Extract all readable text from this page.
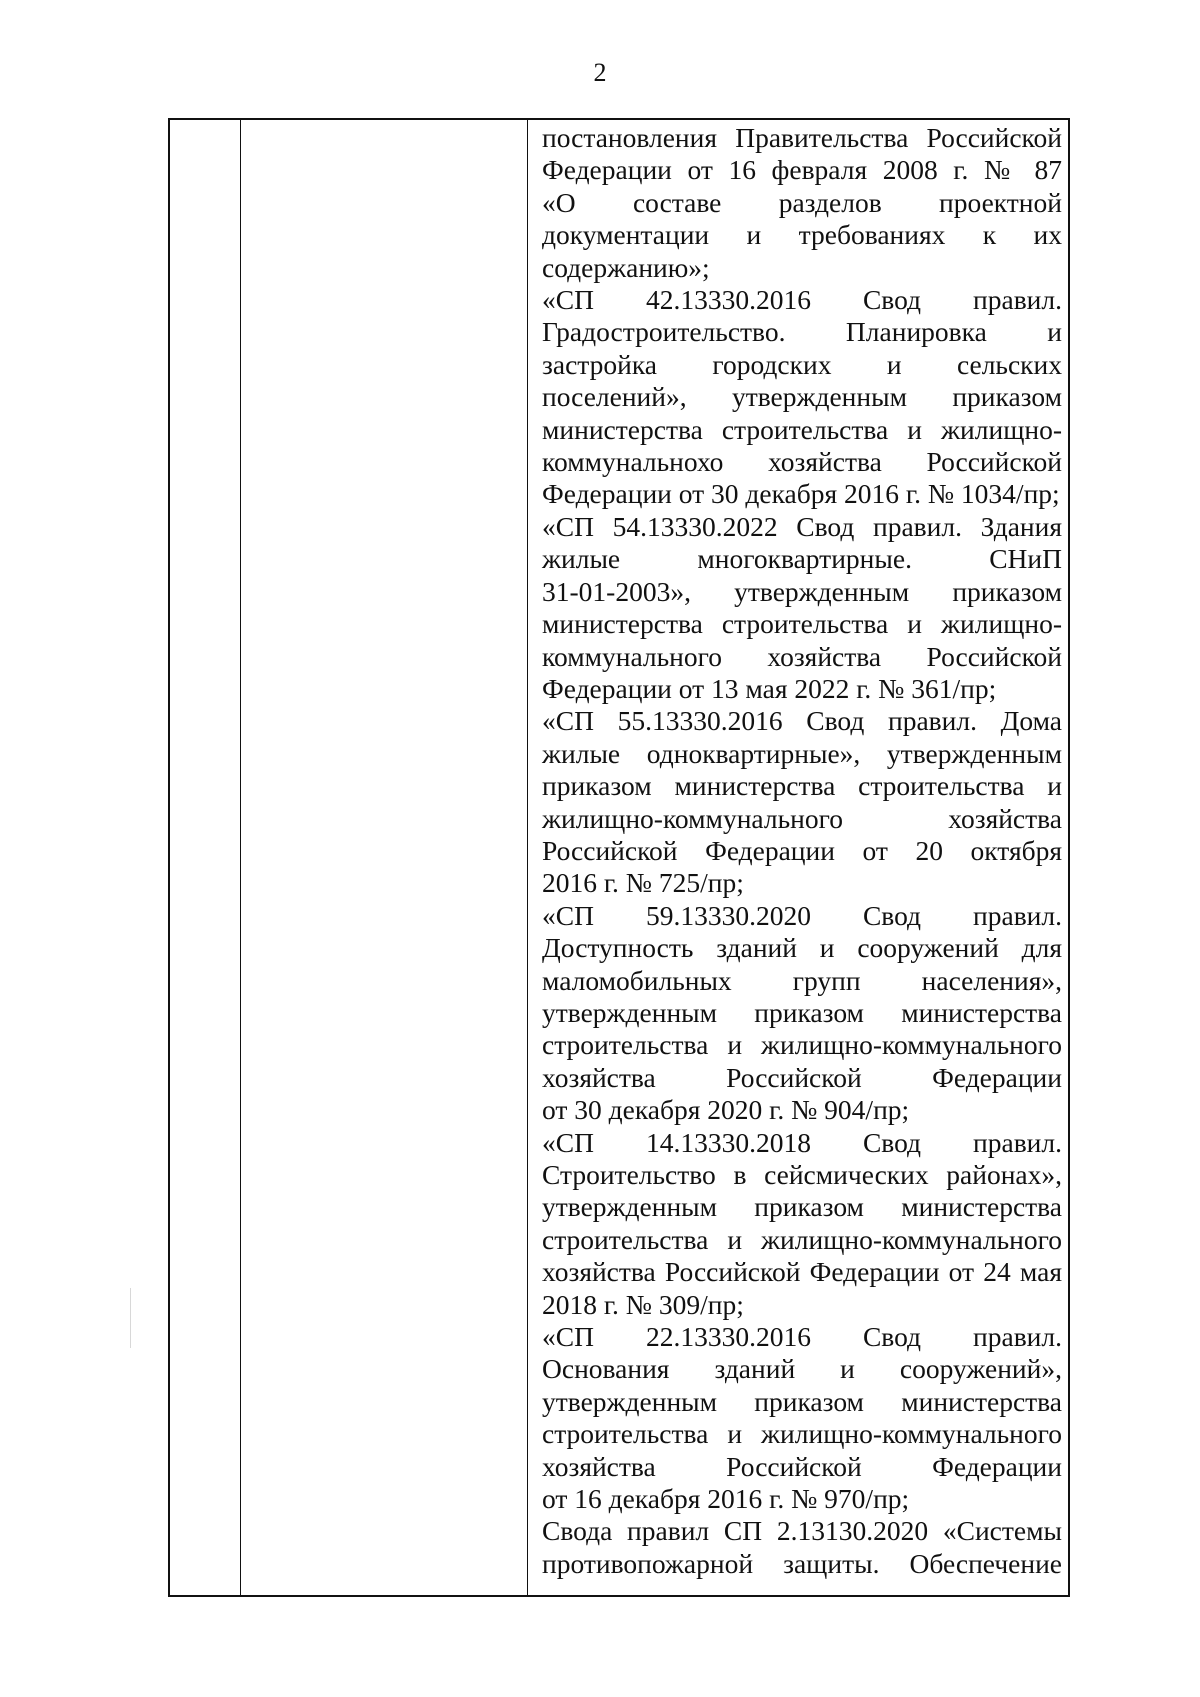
2
постановления Правительства Российской
Федерации от 16 февраля 2008 г. № 87
«О составе разделов проектной
документации и требованиях к их
содержанию»;
«СП 42.13330.2016 Свод правил.
Градостроительство. Планировка и
застройка городских и сельских
поселений», утвержденным приказом
министерства строительства и жилищно-
коммунальнохо хозяйства Российской
Федерации от 30 декабря 2016 г. № 1034/пр;
«СП 54.13330.2022 Свод правил. Здания
жилые многоквартирные. СНиП
31-01-2003», утвержденным приказом
министерства строительства и жилищно-
коммунального хозяйства Российской
Федерации от 13 мая 2022 г. № 361/пр;
«СП 55.13330.2016 Свод правил. Дома
жилые одноквартирные», утвержденным
приказом министерства строительства и
жилищно-коммунального хозяйства
Российской Федерации от 20 октября
2016 г. № 725/пр;
«СП 59.13330.2020 Свод правил.
Доступность зданий и сооружений для
маломобильных групп населения»,
утвержденным приказом министерства
строительства и жилищно-коммунального
хозяйства Российской Федерации
от 30 декабря 2020 г. № 904/пр;
«СП 14.13330.2018 Свод правил.
Строительство в сейсмических районах»,
утвержденным приказом министерства
строительства и жилищно-коммунального
хозяйства Российской Федерации от 24 мая
2018 г. № 309/пр;
«СП 22.13330.2016 Свод правил.
Основания зданий и сооружений»,
утвержденным приказом министерства
строительства и жилищно-коммунального
хозяйства Российской Федерации
от 16 декабря 2016 г. № 970/пр;
Свода правил СП 2.13130.2020 «Системы
противопожарной защиты. Обеспечение
